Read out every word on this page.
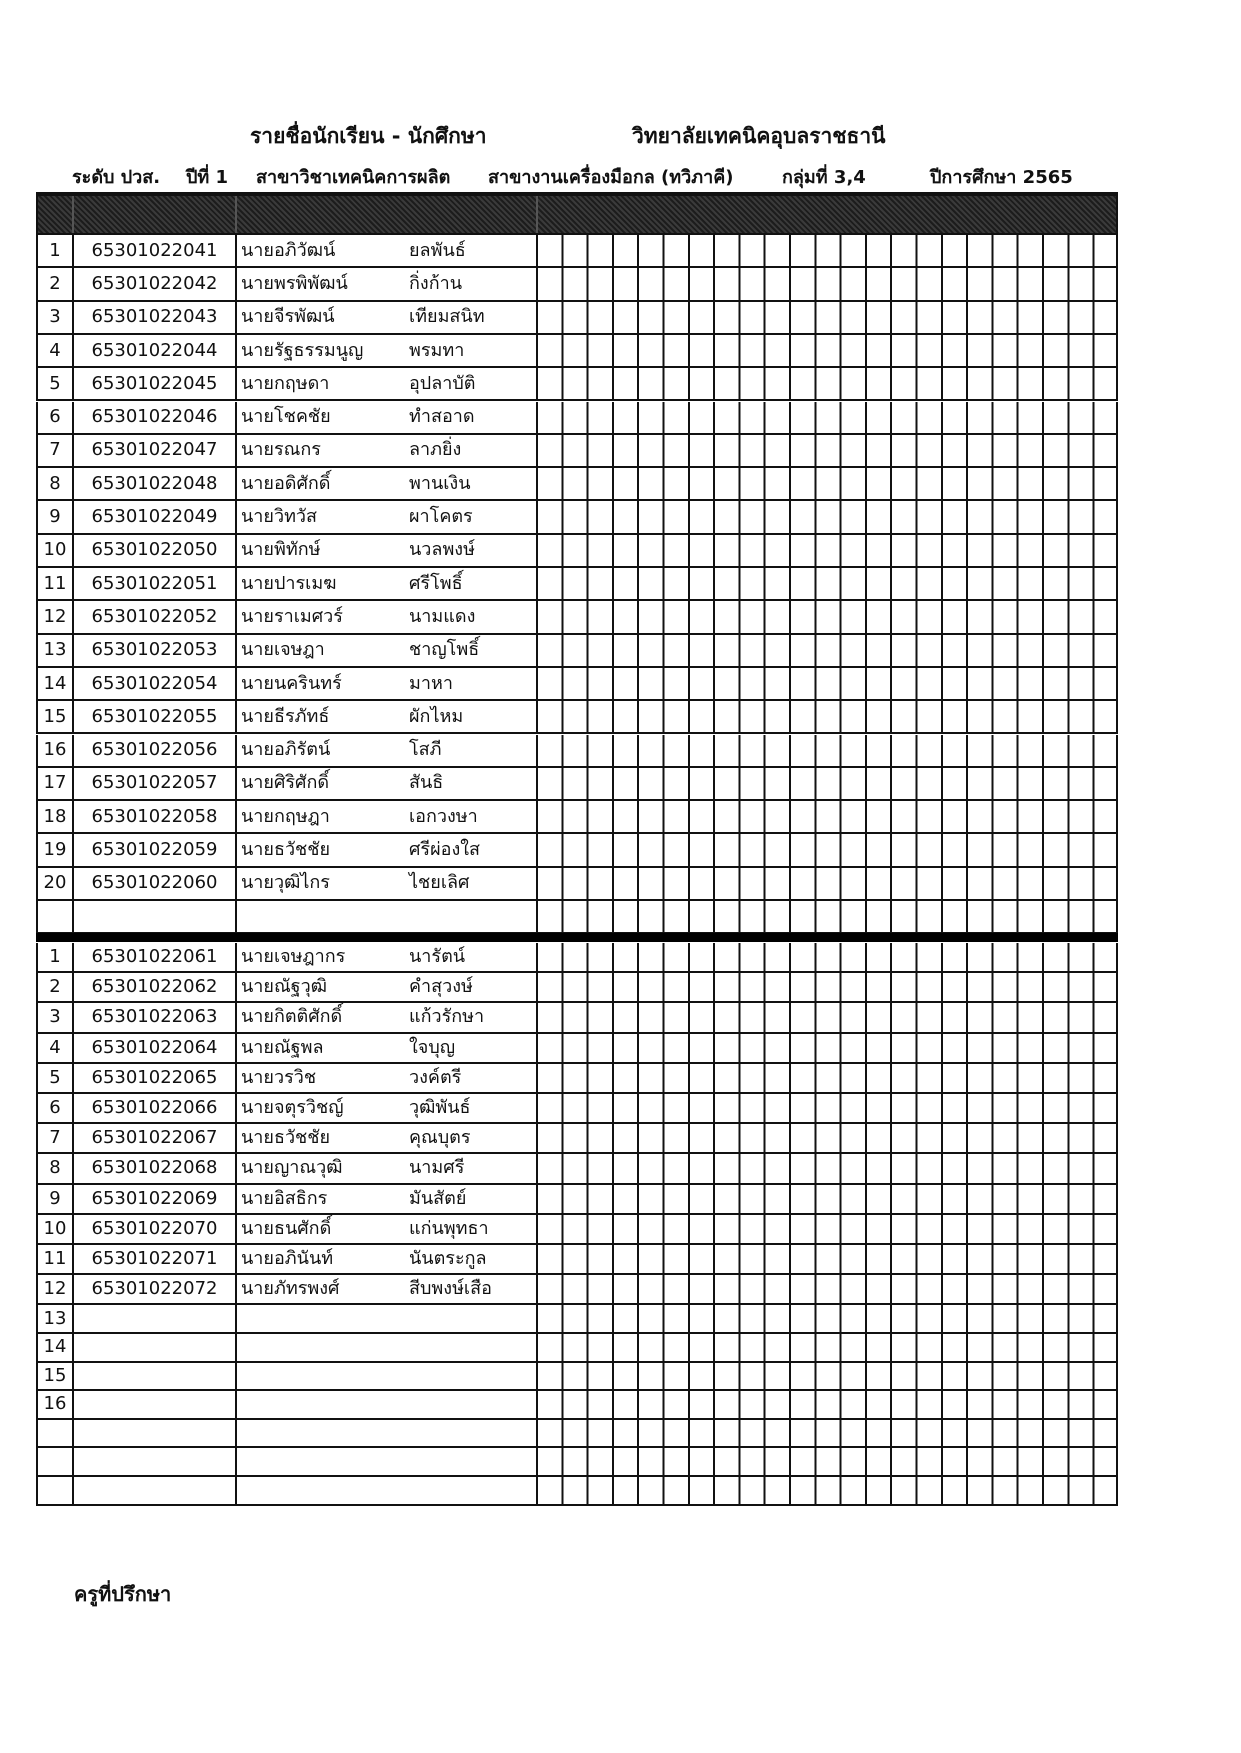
รายชื่อนักเรียน - นักศึกษา	วิทยาลัยเทคนิคอุบลราชธานี
ระดับ ปวส. ปีที่ 1 สาขาวิชาเทคนิคการผลิต สาขางานเครื่องมือกล (ทวิภาคี)	กลุ่มที่ 3,4	ปีการศึกษา 2565
1	65301022041	นายอภิวัฒน์	ยลพันธ์
2	65301022042	นายพรพิพัฒน์	กิ่งก้าน
3	65301022043	นายจีรพัฒน์	เทียมสนิท
4	65301022044	นายรัฐธรรมนูญ	พรมทา
5	65301022045	นายกฤษดา	อุปลาบัติ
6	65301022046	นายโชคชัย	ทำสอาด
7	65301022047	นายรณกร	ลาภยิ่ง
8	65301022048	นายอดิศักดิ์	พานเงิน
9	65301022049	นายวิทวัส	ผาโคตร
10	65301022050	นายพิทักษ์	นวลพงษ์
11	65301022051	นายปารเมฆ	ศรีโพธิ์
12	65301022052	นายราเมศวร์	นามแดง
13	65301022053	นายเจษฎา	ชาญโพธิ์
14	65301022054	นายนครินทร์	มาหา
15	65301022055	นายธีรภัทธ์	ผักไหม
16	65301022056	นายอภิรัตน์	โสภี
17	65301022057	นายศิริศักดิ์	สันธิ
18	65301022058	นายกฤษฎา	เอกวงษา
19	65301022059	นายธวัชชัย	ศรีผ่องใส
20	65301022060	นายวุฒิไกร	ไชยเลิศ
1	65301022061	นายเจษฎากร	นารัตน์
2	65301022062	นายณัฐวุฒิ	คำสุวงษ์
3	65301022063	นายกิตติศักดิ์	แก้วรักษา
4	65301022064	นายณัฐพล	ใจบุญ
5	65301022065	นายวรวิช	วงค์ตรี
6	65301022066	นายจตุรวิชญ์	วุฒิพันธ์
7	65301022067	นายธวัชชัย	คุณบุตร
8	65301022068	นายญาณวุฒิ	นามศรี
9	65301022069	นายอิสธิกร	มันสัตย์
10	65301022070	นายธนศักดิ์	แก่นพุทธา
11	65301022071	นายอภินันท์	นันตระกูล
12	65301022072	นายภัทรพงศ์	สีบพงษ์เสือ
13
14
15
16
ครูที่ปรึกษา
